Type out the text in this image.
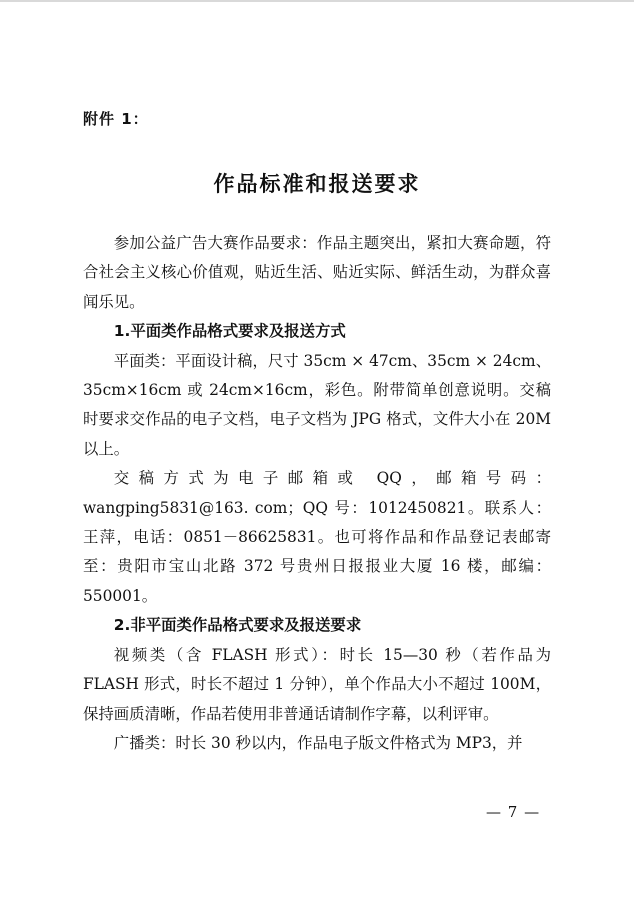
附件 1：
作品标准和报送要求

参加公益广告大赛作品要求：作品主题突出，紧扣大赛命题，符合社会主义核心价值观，贴近生活、贴近实际、鲜活生动，为群众喜闻乐见。

1.平面类作品格式要求及报送方式

平面类：平面设计稿，尺寸 35cm × 47cm、35cm × 24cm、35cm×16cm 或 24cm×16cm，彩色。附带简单创意说明。交稿时要求交作品的电子文档，电子文档为 JPG 格式，文件大小在 20M 以上。

交稿方式为电子邮箱或 QQ，邮箱号码：wangping5831@163. com；QQ 号：1012450821。联系人：王萍，电话：0851－86625831。也可将作品和作品登记表邮寄至：贵阳市宝山北路 372 号贵州日报报业大厦 16 楼，邮编：550001。

2.非平面类作品格式要求及报送要求

视频类（含 FLASH 形式）：时长 15—30 秒（若作品为 FLASH 形式，时长不超过 1 分钟），单个作品大小不超过 100M，保持画质清晰，作品若使用非普通话请制作字幕，以利评审。

广播类：时长 30 秒以内，作品电子版文件格式为 MP3，并

— 7 —
